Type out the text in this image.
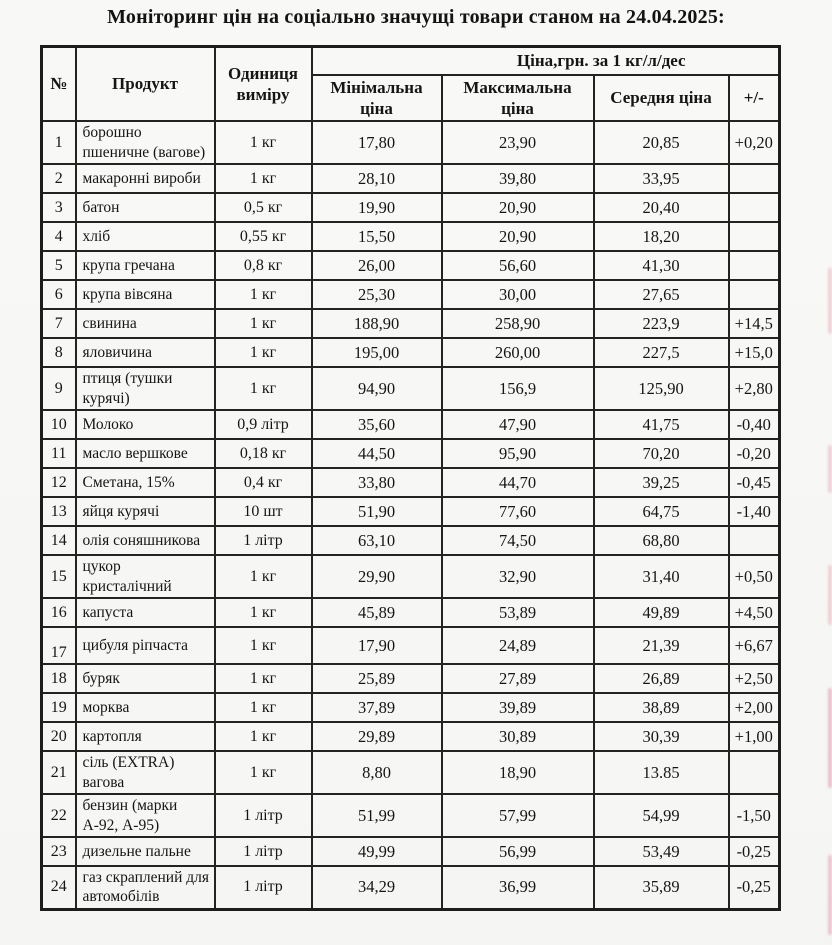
Моніторинг цін на соціально значущі товари станом на 24.04.2025:
№	Продукт	Одиниця виміру	Ціна,грн. за 1 кг/л/дес			
			Мінімальна ціна	Максимальна ціна	Середня ціна	+/-
1	борошно пшеничне (вагове)	1 кг	17,80	23,90	20,85	+0,20
2	макаронні вироби	1 кг	28,10	39,80	33,95	
3	батон	0,5 кг	19,90	20,90	20,40	
4	хліб	0,55 кг	15,50	20,90	18,20	
5	крупа гречана	0,8 кг	26,00	56,60	41,30	
6	крупа вівсяна	1 кг	25,30	30,00	27,65	
7	свинина	1 кг	188,90	258,90	223,9	+14,5
8	яловичина	1 кг	195,00	260,00	227,5	+15,0
9	птиця (тушки курячі)	1 кг	94,90	156,9	125,90	+2,80
10	Молоко	0,9 літр	35,60	47,90	41,75	-0,40
11	масло вершкове	0,18 кг	44,50	95,90	70,20	-0,20
12	Сметана, 15%	0,4 кг	33,80	44,70	39,25	-0,45
13	яйця курячі	10 шт	51,90	77,60	64,75	-1,40
14	олія соняшникова	1 літр	63,10	74,50	68,80	
15	цукор кристалічний	1 кг	29,90	32,90	31,40	+0,50
16	капуста	1 кг	45,89	53,89	49,89	+4,50
17	цибуля ріпчаста	1 кг	17,90	24,89	21,39	+6,67
18	буряк	1 кг	25,89	27,89	26,89	+2,50
19	морква	1 кг	37,89	39,89	38,89	+2,00
20	картопля	1 кг	29,89	30,89	30,39	+1,00
21	сіль (EXTRA) вагова	1 кг	8,80	18,90	13.85	
22	бензин (марки А-92, А-95)	1 літр	51,99	57,99	54,99	-1,50
23	дизельне пальне	1 літр	49,99	56,99	53,49	-0,25
24	газ скраплений для автомобілів	1 літр	34,29	36,99	35,89	-0,25
